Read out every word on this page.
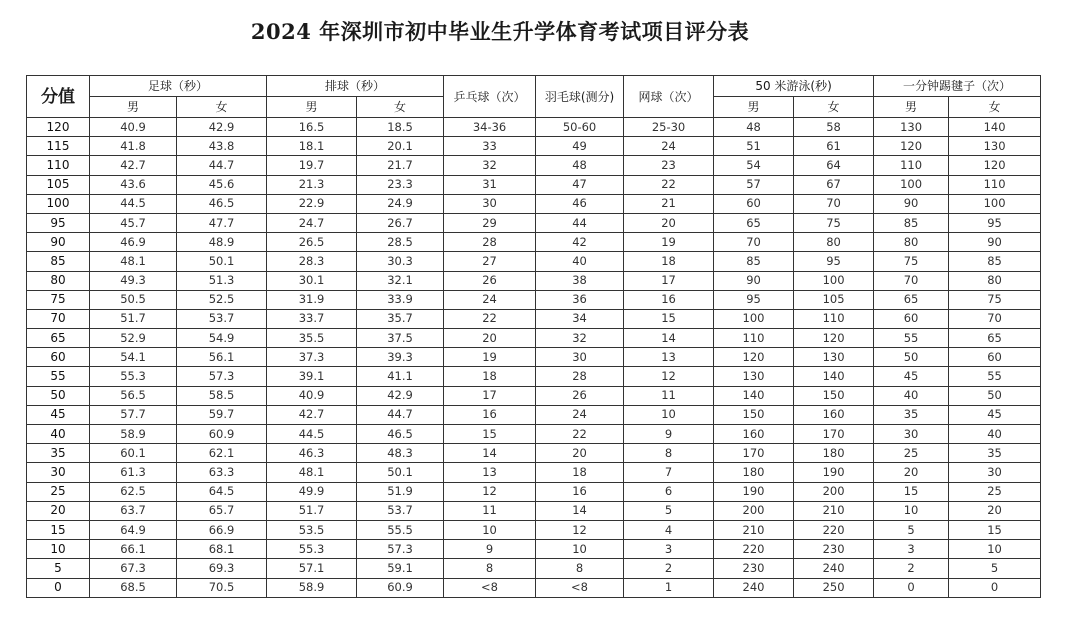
2024 年深圳市初中毕业生升学体育考试项目评分表
分值	足球（秒）		排球（秒）		乒乓球（次）	羽毛球(测分)	网球（次）	50 米游泳(秒)		一分钟踢毽子（次）	
	男	女	男	女				男	女	男	女
120	40.9	42.9	16.5	18.5	34-36	50-60	25-30	48	58	130	140
115	41.8	43.8	18.1	20.1	33	49	24	51	61	120	130
110	42.7	44.7	19.7	21.7	32	48	23	54	64	110	120
105	43.6	45.6	21.3	23.3	31	47	22	57	67	100	110
100	44.5	46.5	22.9	24.9	30	46	21	60	70	90	100
95	45.7	47.7	24.7	26.7	29	44	20	65	75	85	95
90	46.9	48.9	26.5	28.5	28	42	19	70	80	80	90
85	48.1	50.1	28.3	30.3	27	40	18	85	95	75	85
80	49.3	51.3	30.1	32.1	26	38	17	90	100	70	80
75	50.5	52.5	31.9	33.9	24	36	16	95	105	65	75
70	51.7	53.7	33.7	35.7	22	34	15	100	110	60	70
65	52.9	54.9	35.5	37.5	20	32	14	110	120	55	65
60	54.1	56.1	37.3	39.3	19	30	13	120	130	50	60
55	55.3	57.3	39.1	41.1	18	28	12	130	140	45	55
50	56.5	58.5	40.9	42.9	17	26	11	140	150	40	50
45	57.7	59.7	42.7	44.7	16	24	10	150	160	35	45
40	58.9	60.9	44.5	46.5	15	22	9	160	170	30	40
35	60.1	62.1	46.3	48.3	14	20	8	170	180	25	35
30	61.3	63.3	48.1	50.1	13	18	7	180	190	20	30
25	62.5	64.5	49.9	51.9	12	16	6	190	200	15	25
20	63.7	65.7	51.7	53.7	11	14	5	200	210	10	20
15	64.9	66.9	53.5	55.5	10	12	4	210	220	5	15
10	66.1	68.1	55.3	57.3	9	10	3	220	230	3	10
5	67.3	69.3	57.1	59.1	8	8	2	230	240	2	5
0	68.5	70.5	58.9	60.9	<8	<8	1	240	250	0	0
